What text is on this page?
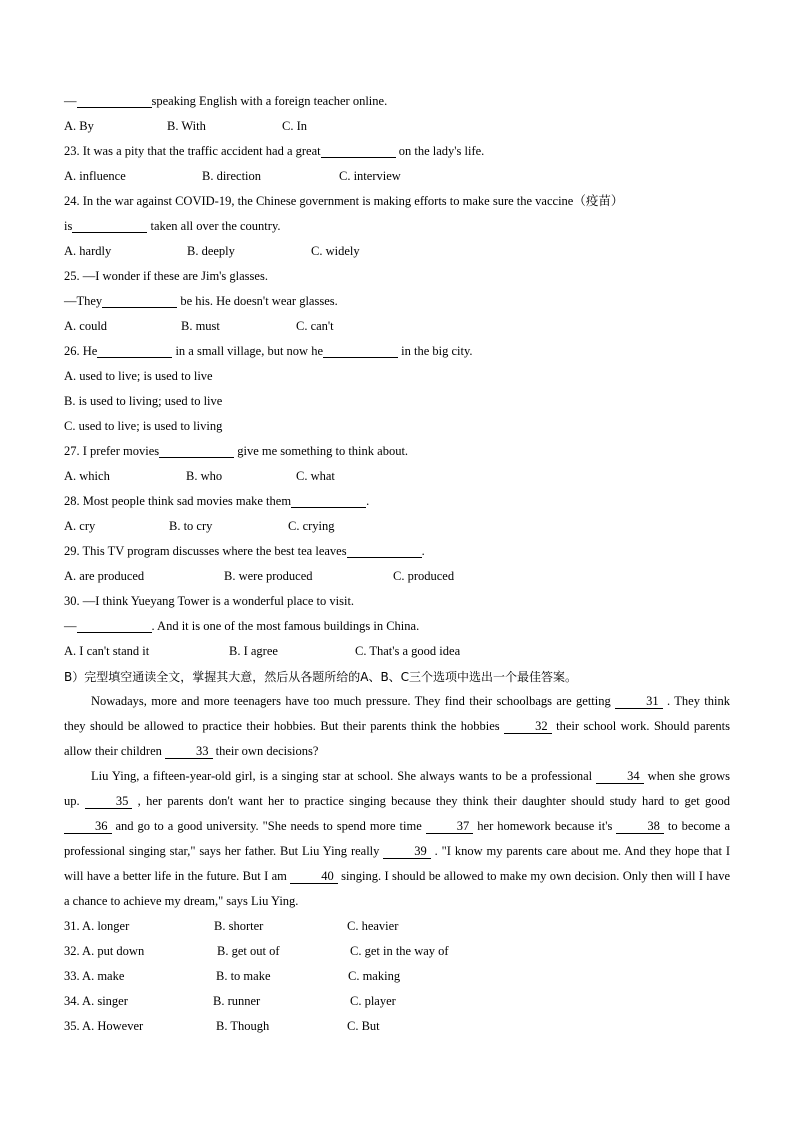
—	speaking English with a foreign teacher online.
A. By	B. With	C. In
23. It was a pity that the traffic accident had a great	on the lady's life.
A. influence	B. direction	C. interview
24. In the war against COVID-19, the Chinese government is making efforts to make sure the vaccine（疫苗）
is	taken all over the country.
A. hardly	B. deeply	C. widely
25. —I wonder if these are Jim's glasses.
—They	be his. He doesn't wear glasses.
A. could	B. must	C. can't
26. He	in a small village, but now he	in the big city.
A. used to live; is used to live
B. is used to living; used to live
C. used to live; is used to living
27. I prefer movies	give me something to think about.
A. which	B. who	C. what
28. Most people think sad movies make them	.
A. cry	B. to cry	C. crying
29. This TV program discusses where the best tea leaves	.
A. are produced	B. were produced	C. produced
30. —I think Yueyang Tower is a wonderful place to visit.
—	. And it is one of the most famous buildings in China.
A. I can't stand it	B. I agree	C. That's a good idea
B）完型填空通读全文，掌握其大意，然后从各题所给的A、B、C三个选项中选出一个最佳答案。

Nowadays, more and more teenagers have too much pressure. They find their schoolbags are getting 31 . They think they should be allowed to practice their hobbies. But their parents think the hobbies 32 their school work. Should parents allow their children 33 their own decisions?

Liu Ying, a fifteen-year-old girl, is a singing star at school. She always wants to be a professional 34 when she grows up. 35 , her parents don't want her to practice singing because they think their daughter should study hard to get good 36 and go to a good university. "She needs to spend more time 37 her homework because it's 38 to become a professional singing star," says her father. But Liu Ying really 39 . "I know my parents care about me. And they hope that I will have a better life in the future. But I am 40 singing. I should be allowed to make my own decision. Only then will I have a chance to achieve my dream," says Liu Ying.

31. A. longer	B. shorter	C. heavier
32. A. put down	B. get out of	C. get in the way of
33. A. make	B. to make	C. making
34. A. singer	B. runner	C. player
35. A. However	B. Though	C. But
